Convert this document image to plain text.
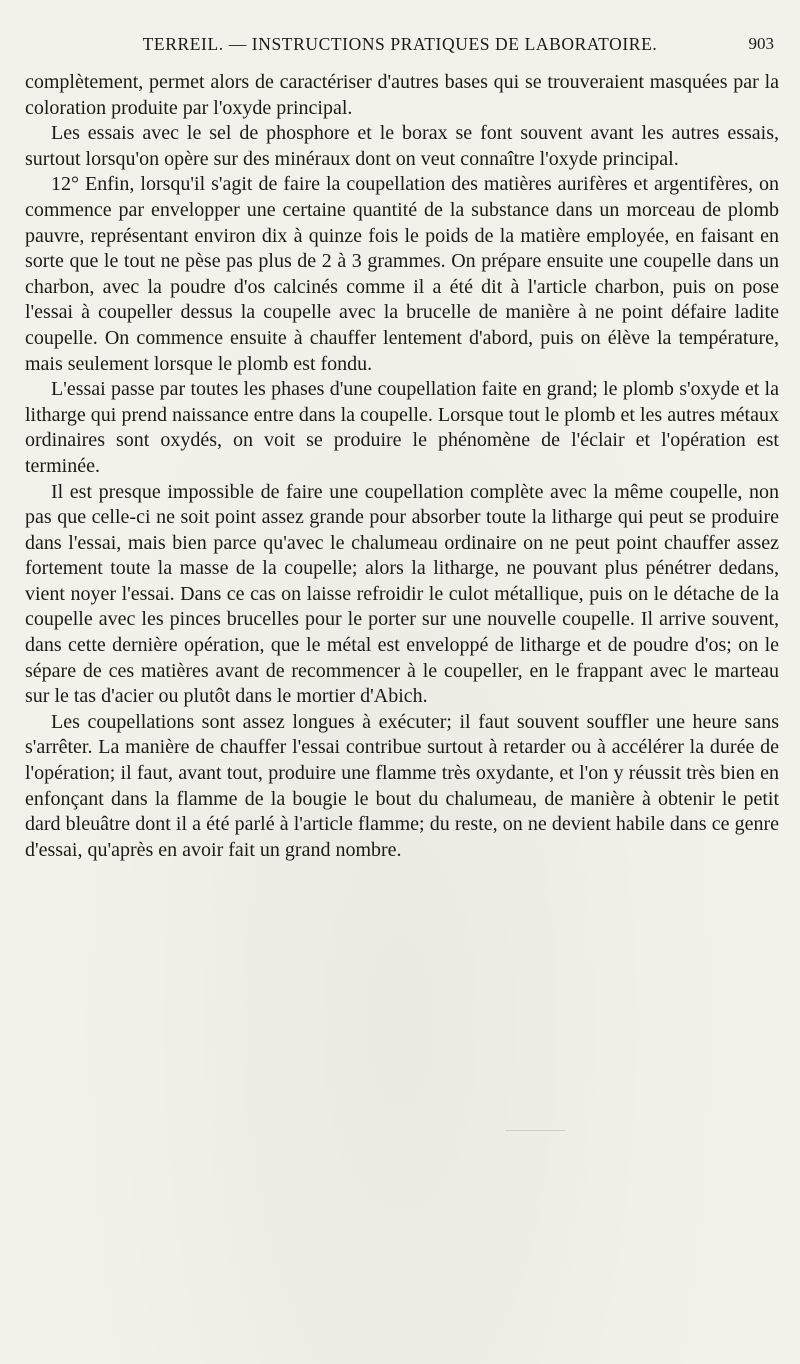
TERREIL. — INSTRUCTIONS PRATIQUES DE LABORATOIRE.	903

complètement, permet alors de caractériser d'autres bases qui se trouveraient masquées par la coloration produite par l'oxyde principal.

Les essais avec le sel de phosphore et le borax se font souvent avant les autres essais, surtout lorsqu'on opère sur des minéraux dont on veut connaître l'oxyde principal.

12° Enfin, lorsqu'il s'agit de faire la coupellation des matières aurifères et argentifères, on commence par envelopper une certaine quantité de la substance dans un morceau de plomb pauvre, représentant environ dix à quinze fois le poids de la matière employée, en faisant en sorte que le tout ne pèse pas plus de 2 à 3 grammes. On prépare ensuite une coupelle dans un charbon, avec la poudre d'os calcinés comme il a été dit à l'article charbon, puis on pose l'essai à coupeller dessus la coupelle avec la brucelle de manière à ne point défaire ladite coupelle. On commence ensuite à chauffer lentement d'abord, puis on élève la température, mais seulement lorsque le plomb est fondu.

L'essai passe par toutes les phases d'une coupellation faite en grand; le plomb s'oxyde et la litharge qui prend naissance entre dans la coupelle. Lorsque tout le plomb et les autres métaux ordinaires sont oxydés, on voit se produire le phénomène de l'éclair et l'opération est terminée.

Il est presque impossible de faire une coupellation complète avec la même coupelle, non pas que celle-ci ne soit point assez grande pour absorber toute la litharge qui peut se produire dans l'essai, mais bien parce qu'avec le chalumeau ordinaire on ne peut point chauffer assez fortement toute la masse de la coupelle; alors la litharge, ne pouvant plus pénétrer dedans, vient noyer l'essai. Dans ce cas on laisse refroidir le culot métallique, puis on le détache de la coupelle avec les pinces brucelles pour le porter sur une nouvelle coupelle. Il arrive souvent, dans cette dernière opération, que le métal est enveloppé de litharge et de poudre d'os; on le sépare de ces matières avant de recommencer à le coupeller, en le frappant avec le marteau sur le tas d'acier ou plutôt dans le mortier d'Abich.

Les coupellations sont assez longues à exécuter; il faut souvent souffler une heure sans s'arrêter. La manière de chauffer l'essai contribue surtout à retarder ou à accélérer la durée de l'opération; il faut, avant tout, produire une flamme très oxydante, et l'on y réussit très bien en enfonçant dans la flamme de la bougie le bout du chalumeau, de manière à obtenir le petit dard bleuâtre dont il a été parlé à l'article flamme; du reste, on ne devient habile dans ce genre d'essai, qu'après en avoir fait un grand nombre.
